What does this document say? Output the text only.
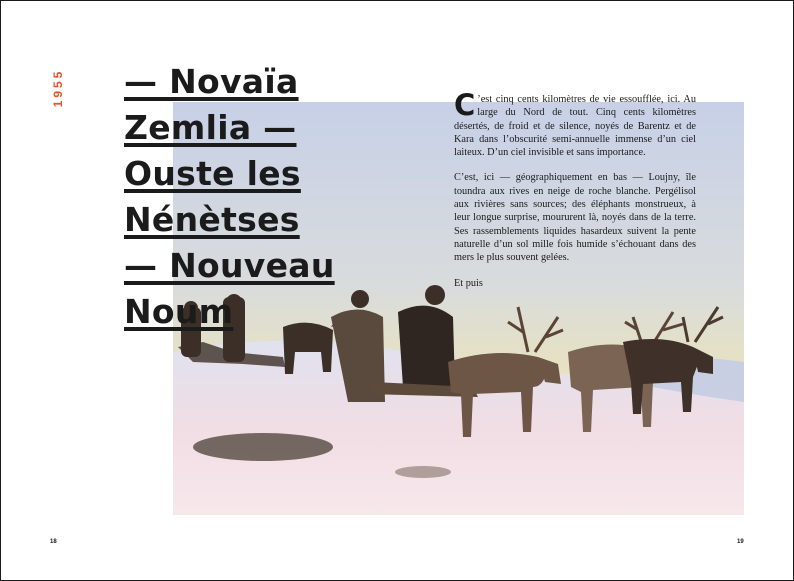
1955 — Novaïa
Zemlia —
Ouste les
Nénètses
— Nouveau
Noum

C ’est cinq cents kilomètres de vie essoufflée, ici. Au large du Nord de tout. Cinq cents kilomètres désertés, de froid et de silence, noyés de Barentz et de Kara dans l’obscurité semi-annuelle immense d’un ciel laiteux. D’un ciel invisible et sans importance.

C’est, ici — géographiquement en bas — Loujny, île toundra aux rives en neige de roche blanche. Pergélisol aux rivières sans sources; des éléphants monstrueux, à leur longue surprise, moururent là, noyés dans de la terre. Ses rassemblements liquides hasardeux suivent la pente naturelle d’un sol mille fois humide s’échouant dans des mers le plus souvent gelées.

Et puis

18	19
